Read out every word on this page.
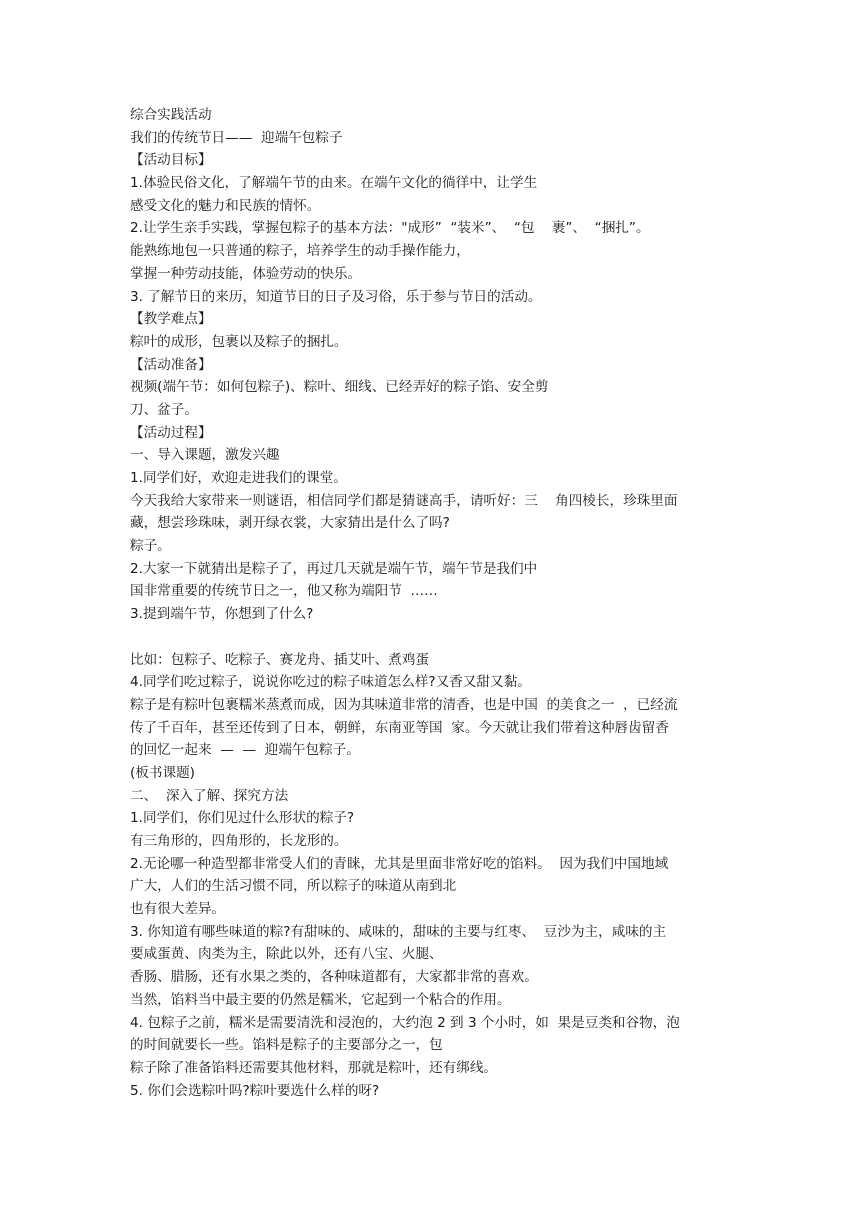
综合实践活动

我们的传统节日——  迎端午包粽子

【活动目标】

1.体验民俗文化，了解端午节的由来。在端午文化的徜徉中，让学生

感受文化的魅力和民族的情怀。

2.让学生亲手实践，掌握包粽子的基本方法："成形”  “装米”、  “包    裹”、  “捆扎”。

能熟练地包一只普通的粽子，培养学生的动手操作能力，

掌握一种劳动技能，体验劳动的快乐。

3. 了解节日的来历，知道节日的日子及习俗，乐于参与节日的活动。

【教学难点】

粽叶的成形，包裹以及粽子的捆扎。

【活动准备】

视频(端午节：如何包粽子)、粽叶、细线、已经弄好的粽子馅、安全剪

刀、盆子。

【活动过程】

一、导入课题，激发兴趣

1.同学们好，欢迎走进我们的课堂。

今天我给大家带来一则谜语，相信同学们都是猜谜高手，请听好：三    角四棱长，珍珠里面

藏，想尝珍珠味，剥开绿衣裳，大家猜出是什么了吗?

粽子。

2.大家一下就猜出是粽子了，再过几天就是端午节，端午节是我们中

国非常重要的传统节日之一，他又称为端阳节  ……

3.提到端午节，你想到了什么?

比如：包粽子、吃粽子、赛龙舟、插艾叶、煮鸡蛋

4.同学们吃过粽子，说说你吃过的粽子味道怎么样?又香又甜又黏。

粽子是有粽叶包裹糯米蒸煮而成，因为其味道非常的清香，也是中国  的美食之一  ，已经流

传了千百年，甚至还传到了日本，朝鲜，东南亚等国  家。今天就让我们带着这种唇齿留香

的回忆一起来  —  —  迎端午包粽子。

(板书课题)

二、  深入了解、探究方法

1.同学们，你们见过什么形状的粽子?

有三角形的，四角形的，长龙形的。

2.无论哪一种造型都非常受人们的青睐，尤其是里面非常好吃的馅料。  因为我们中国地域

广大，人们的生活习惯不同，所以粽子的味道从南到北

也有很大差异。

3. 你知道有哪些味道的粽?有甜味的、咸味的，甜味的主要与红枣、  豆沙为主，咸味的主

要咸蛋黄、肉类为主，除此以外，还有八宝、火腿、

香肠、腊肠，还有水果之类的，各种味道都有，大家都非常的喜欢。

当然，馅料当中最主要的仍然是糯米，它起到一个粘合的作用。

4. 包粽子之前，糯米是需要清洗和浸泡的，大约泡 2 到 3 个小时，如  果是豆类和谷物，泡

的时间就要长一些。馅料是粽子的主要部分之一，包

粽子除了准备馅料还需要其他材料，那就是粽叶，还有绑线。

5. 你们会选粽叶吗?粽叶要选什么样的呀?
